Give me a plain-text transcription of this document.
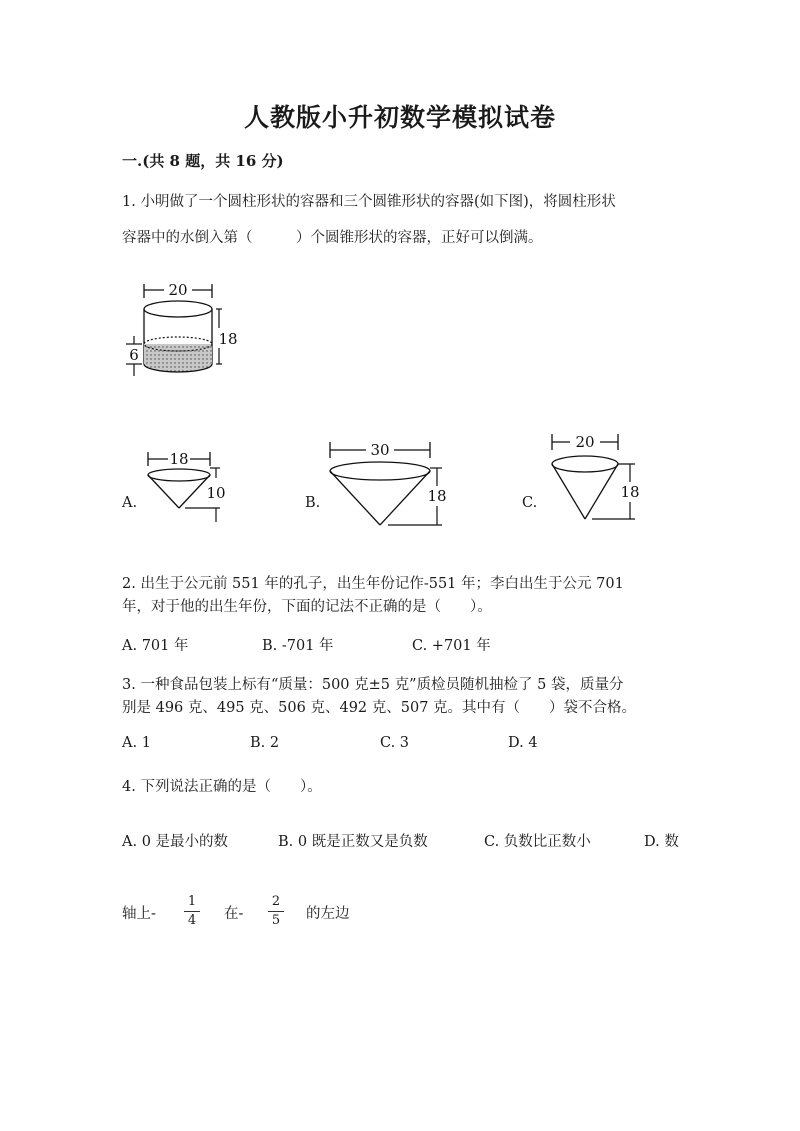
人教版小升初数学模拟试卷
一.(共 8 题，共 16 分)
1. 小明做了一个圆柱形状的容器和三个圆锥形状的容器(如下图)，将圆柱形状
容器中的水倒入第（　　　）个圆锥形状的容器，正好可以倒满。
20
18
6
A.
18
10
B.
30
18	C.
20
18
2. 出生于公元前 551 年的孔子，出生年份记作-551 年；李白出生于公元 701
年，对于他的出生年份，下面的记法不正确的是（　　）。
A. 701 年	B. -701 年	C. +701 年
3. 一种食品包装上标有“质量：500 克±5 克”质检员随机抽检了 5 袋，质量分
别是 496 克、495 克、506 克、492 克、507 克。其中有（　　）袋不合格。
A. 1	B. 2	C. 3	D. 4
4. 下列说法正确的是（　　）。
A. 0 是最小的数	B. 0 既是正数又是负数	C. 负数比正数小	D. 数
轴上-
1
4 在-
2
5 的左边
